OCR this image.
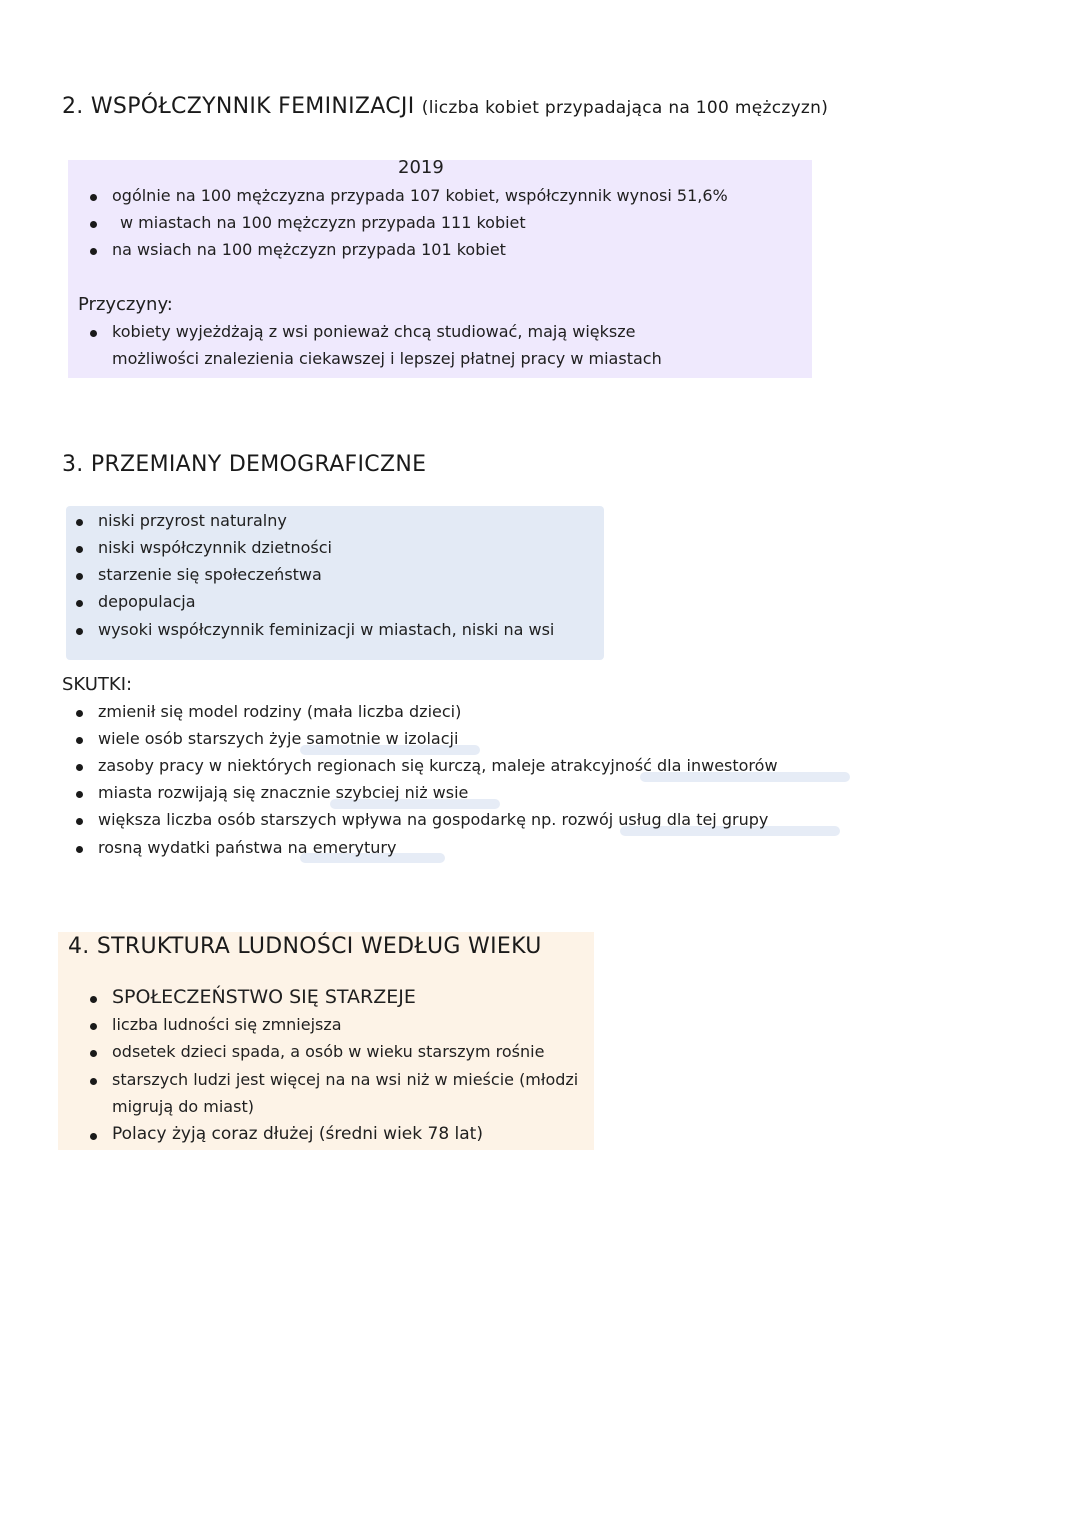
2. WSPÓŁCZYNNIK FEMINIZACJI (liczba kobiet przypadająca na 100 mężczyzn)
2019
ogólnie na 100 mężczyzna przypada 107 kobiet, współczynnik wynosi 51,6%
w miastach na 100 mężczyzn przypada 111 kobiet
na wsiach na 100 mężczyzn przypada 101 kobiet
Przyczyny:
kobiety wyjeżdżają z wsi ponieważ chcą studiować, mają większe
możliwości znalezienia ciekawszej i lepszej płatnej pracy w miastach
3. PRZEMIANY DEMOGRAFICZNE
niski przyrost naturalny
niski współczynnik dzietności
starzenie się społeczeństwa
depopulacja
wysoki współczynnik feminizacji w miastach, niski na wsi
SKUTKI:
zmienił się model rodziny (mała liczba dzieci)
wiele osób starszych żyje samotnie w izolacji
zasoby pracy w niektórych regionach się kurczą, maleje atrakcyjność dla inwestorów
miasta rozwijają się znacznie szybciej niż wsie
większa liczba osób starszych wpływa na gospodarkę np. rozwój usług dla tej grupy
rosną wydatki państwa na emerytury
4. STRUKTURA LUDNOŚCI WEDŁUG WIEKU
SPOŁECZEŃSTWO SIĘ STARZEJE
liczba ludności się zmniejsza
odsetek dzieci spada, a osób w wieku starszym rośnie
starszych ludzi jest więcej na na wsi niż w mieście (młodzi
migrują do miast)
Polacy żyją coraz dłużej (średni wiek 78 lat)
